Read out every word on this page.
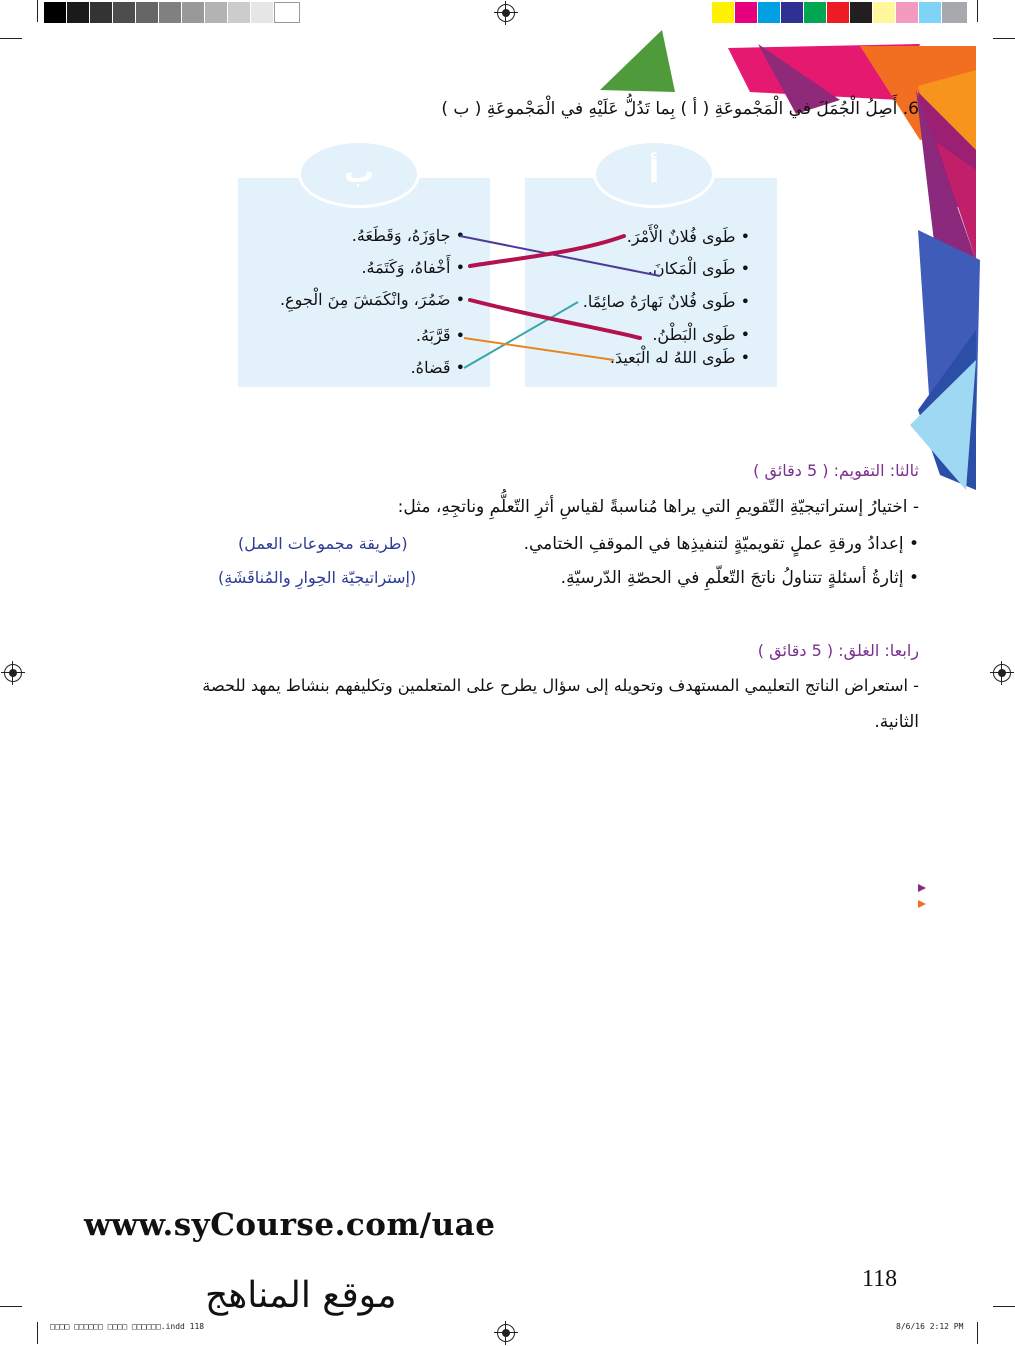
6. أَصِلُ الْجُمَلَ في الْمَجْموعَةِ ( أ ) بِما تَدُلُّ عَلَيْهِ في الْمَجْموعَةِ ( ب )
ب	أ
• طَوى فُلانٌ الْأَمْرَ.
• طَوى الْمَكانَ.
• طَوى فُلانٌ نَهارَهُ صائِمًا.
• طَوى الْبَطْنُ.
• طَوى اللهُ له الْبَعيدَ.
• جاوَزَهُ، وَقَطَعَهُ.
• أَخْفاهُ، وَكَتَمَهُ.
• ضَمُرَ، وانْكَمَشَ مِنَ الْجوعِ.
• قَرَّبَهُ.
• قَضاهُ.
ثالثا: التقويم: ( 5 دقائق )
- اختيارُ إستراتيجيّةِ التّقويمِ التي يراها مُناسبةً لقياسِ أثرِ التّعلُّمِ وناتجِهِ، مثل:
• إعدادُ ورقةِ عملٍ تقويميّةٍ لتنفيذِها في الموقفِ الختامي.
(طريقة مجموعات العمل)
• إثارةُ أسئلةٍ تتناولُ ناتجَ التّعلّمِ في الحصّةِ الدّرسيّةِ.
(إستراتيجيّة الحِوارِ والمُناقَشَةِ)
رابعا: الغلق: ( 5 دقائق )
- استعراض الناتج التعليمي المستهدف وتحويله إلى سؤال يطرح على المتعلمين وتكليفهم بنشاط يمهد للحصة
الثانية.
www.syCourse.com/uae
118
موقع المناهج
□□□□ □□□□□□ □□□□ □□□□□□.indd 118	8/6/16 2:12 PM
